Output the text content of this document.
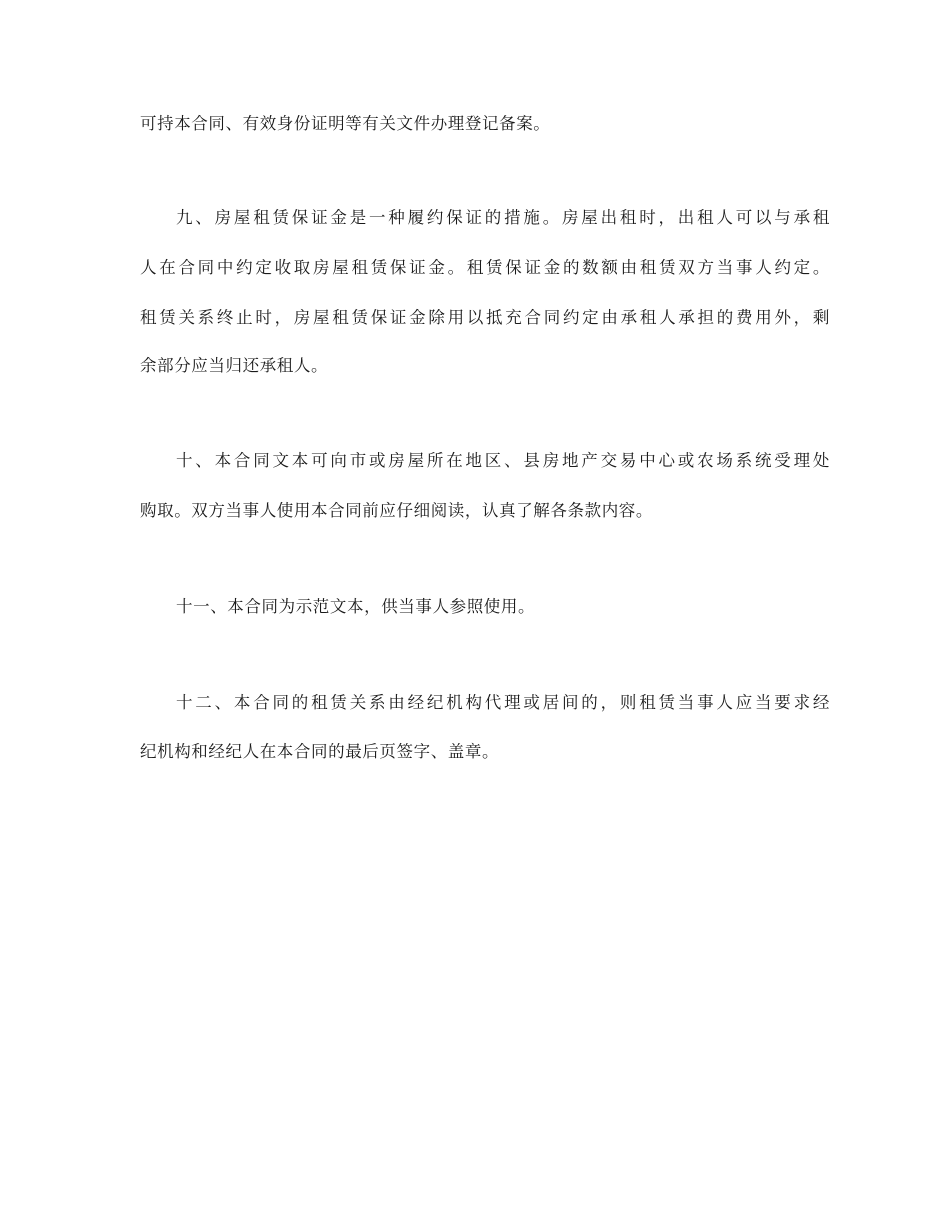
可持本合同、有效身份证明等有关文件办理登记备案。
九、房屋租赁保证金是一种履约保证的措施。房屋出租时，出租人可以与承租
人在合同中约定收取房屋租赁保证金。租赁保证金的数额由租赁双方当事人约定。
租赁关系终止时，房屋租赁保证金除用以抵充合同约定由承租人承担的费用外，剩
余部分应当归还承租人。
十、本合同文本可向市或房屋所在地区、县房地产交易中心或农场系统受理处
购取。双方当事人使用本合同前应仔细阅读，认真了解各条款内容。
十一、本合同为示范文本，供当事人参照使用。
十二、本合同的租赁关系由经纪机构代理或居间的，则租赁当事人应当要求经
纪机构和经纪人在本合同的最后页签字、盖章。
